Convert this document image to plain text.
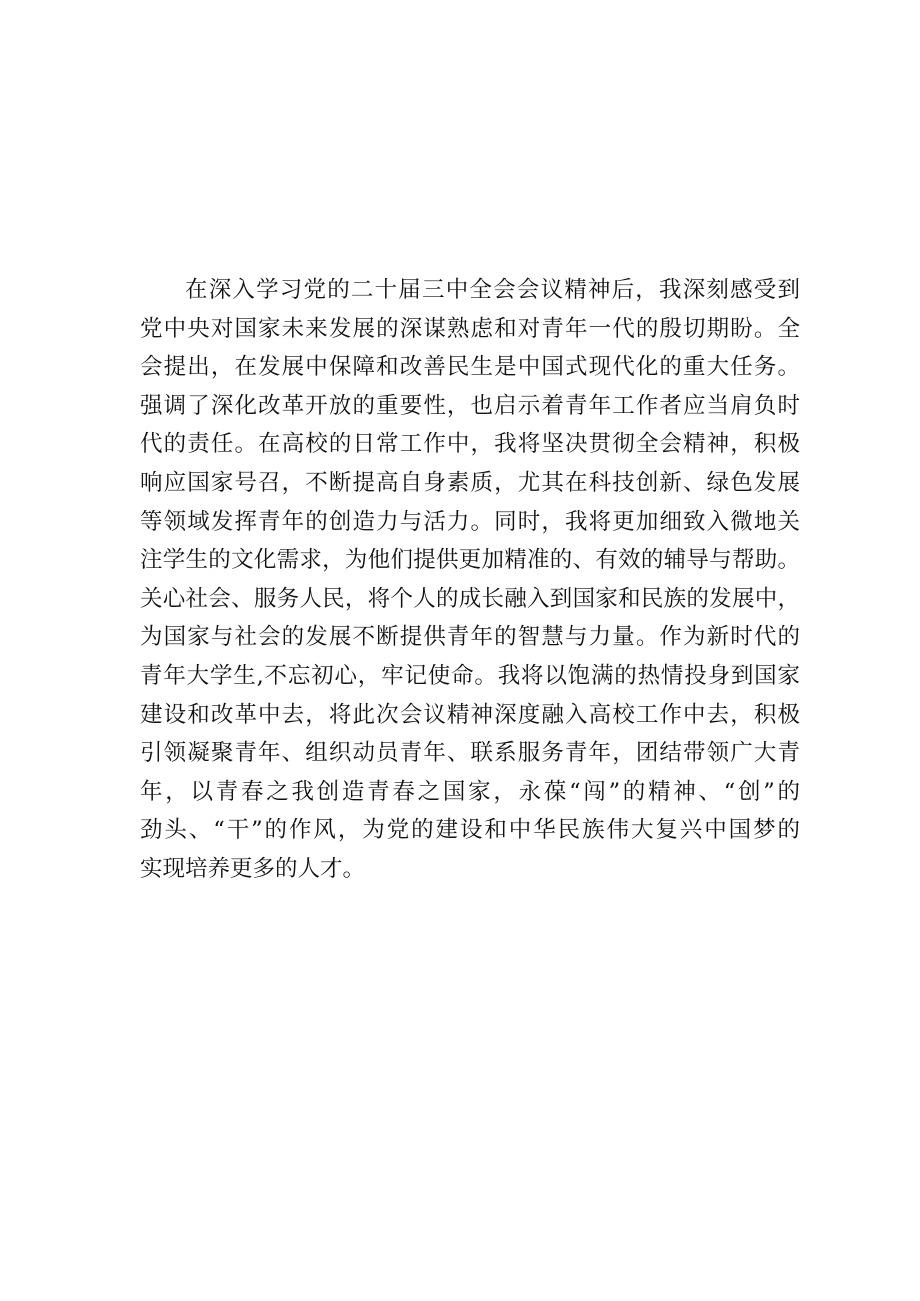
在深入学习党的二十届三中全会会议精神后，我深刻感受到
党中央对国家未来发展的深谋熟虑和对青年一代的殷切期盼。全
会提出，在发展中保障和改善民生是中国式现代化的重大任务。
强调了深化改革开放的重要性，也启示着青年工作者应当肩负时
代的责任。在高校的日常工作中，我将坚决贯彻全会精神，积极
响应国家号召，不断提高自身素质，尤其在科技创新、绿色发展
等领域发挥青年的创造力与活力。同时，我将更加细致入微地关
注学生的文化需求，为他们提供更加精准的、有效的辅导与帮助。
关心社会、服务人民，将个人的成长融入到国家和民族的发展中，
为国家与社会的发展不断提供青年的智慧与力量。作为新时代的
青年大学生,不忘初心，牢记使命。我将以饱满的热情投身到国家
建设和改革中去，将此次会议精神深度融入高校工作中去，积极
引领凝聚青年、组织动员青年、联系服务青年，团结带领广大青
年，以青春之我创造青春之国家，永葆“闯”的精神、“创”的
劲头、“干”的作风，为党的建设和中华民族伟大复兴中国梦的
实现培养更多的人才。
